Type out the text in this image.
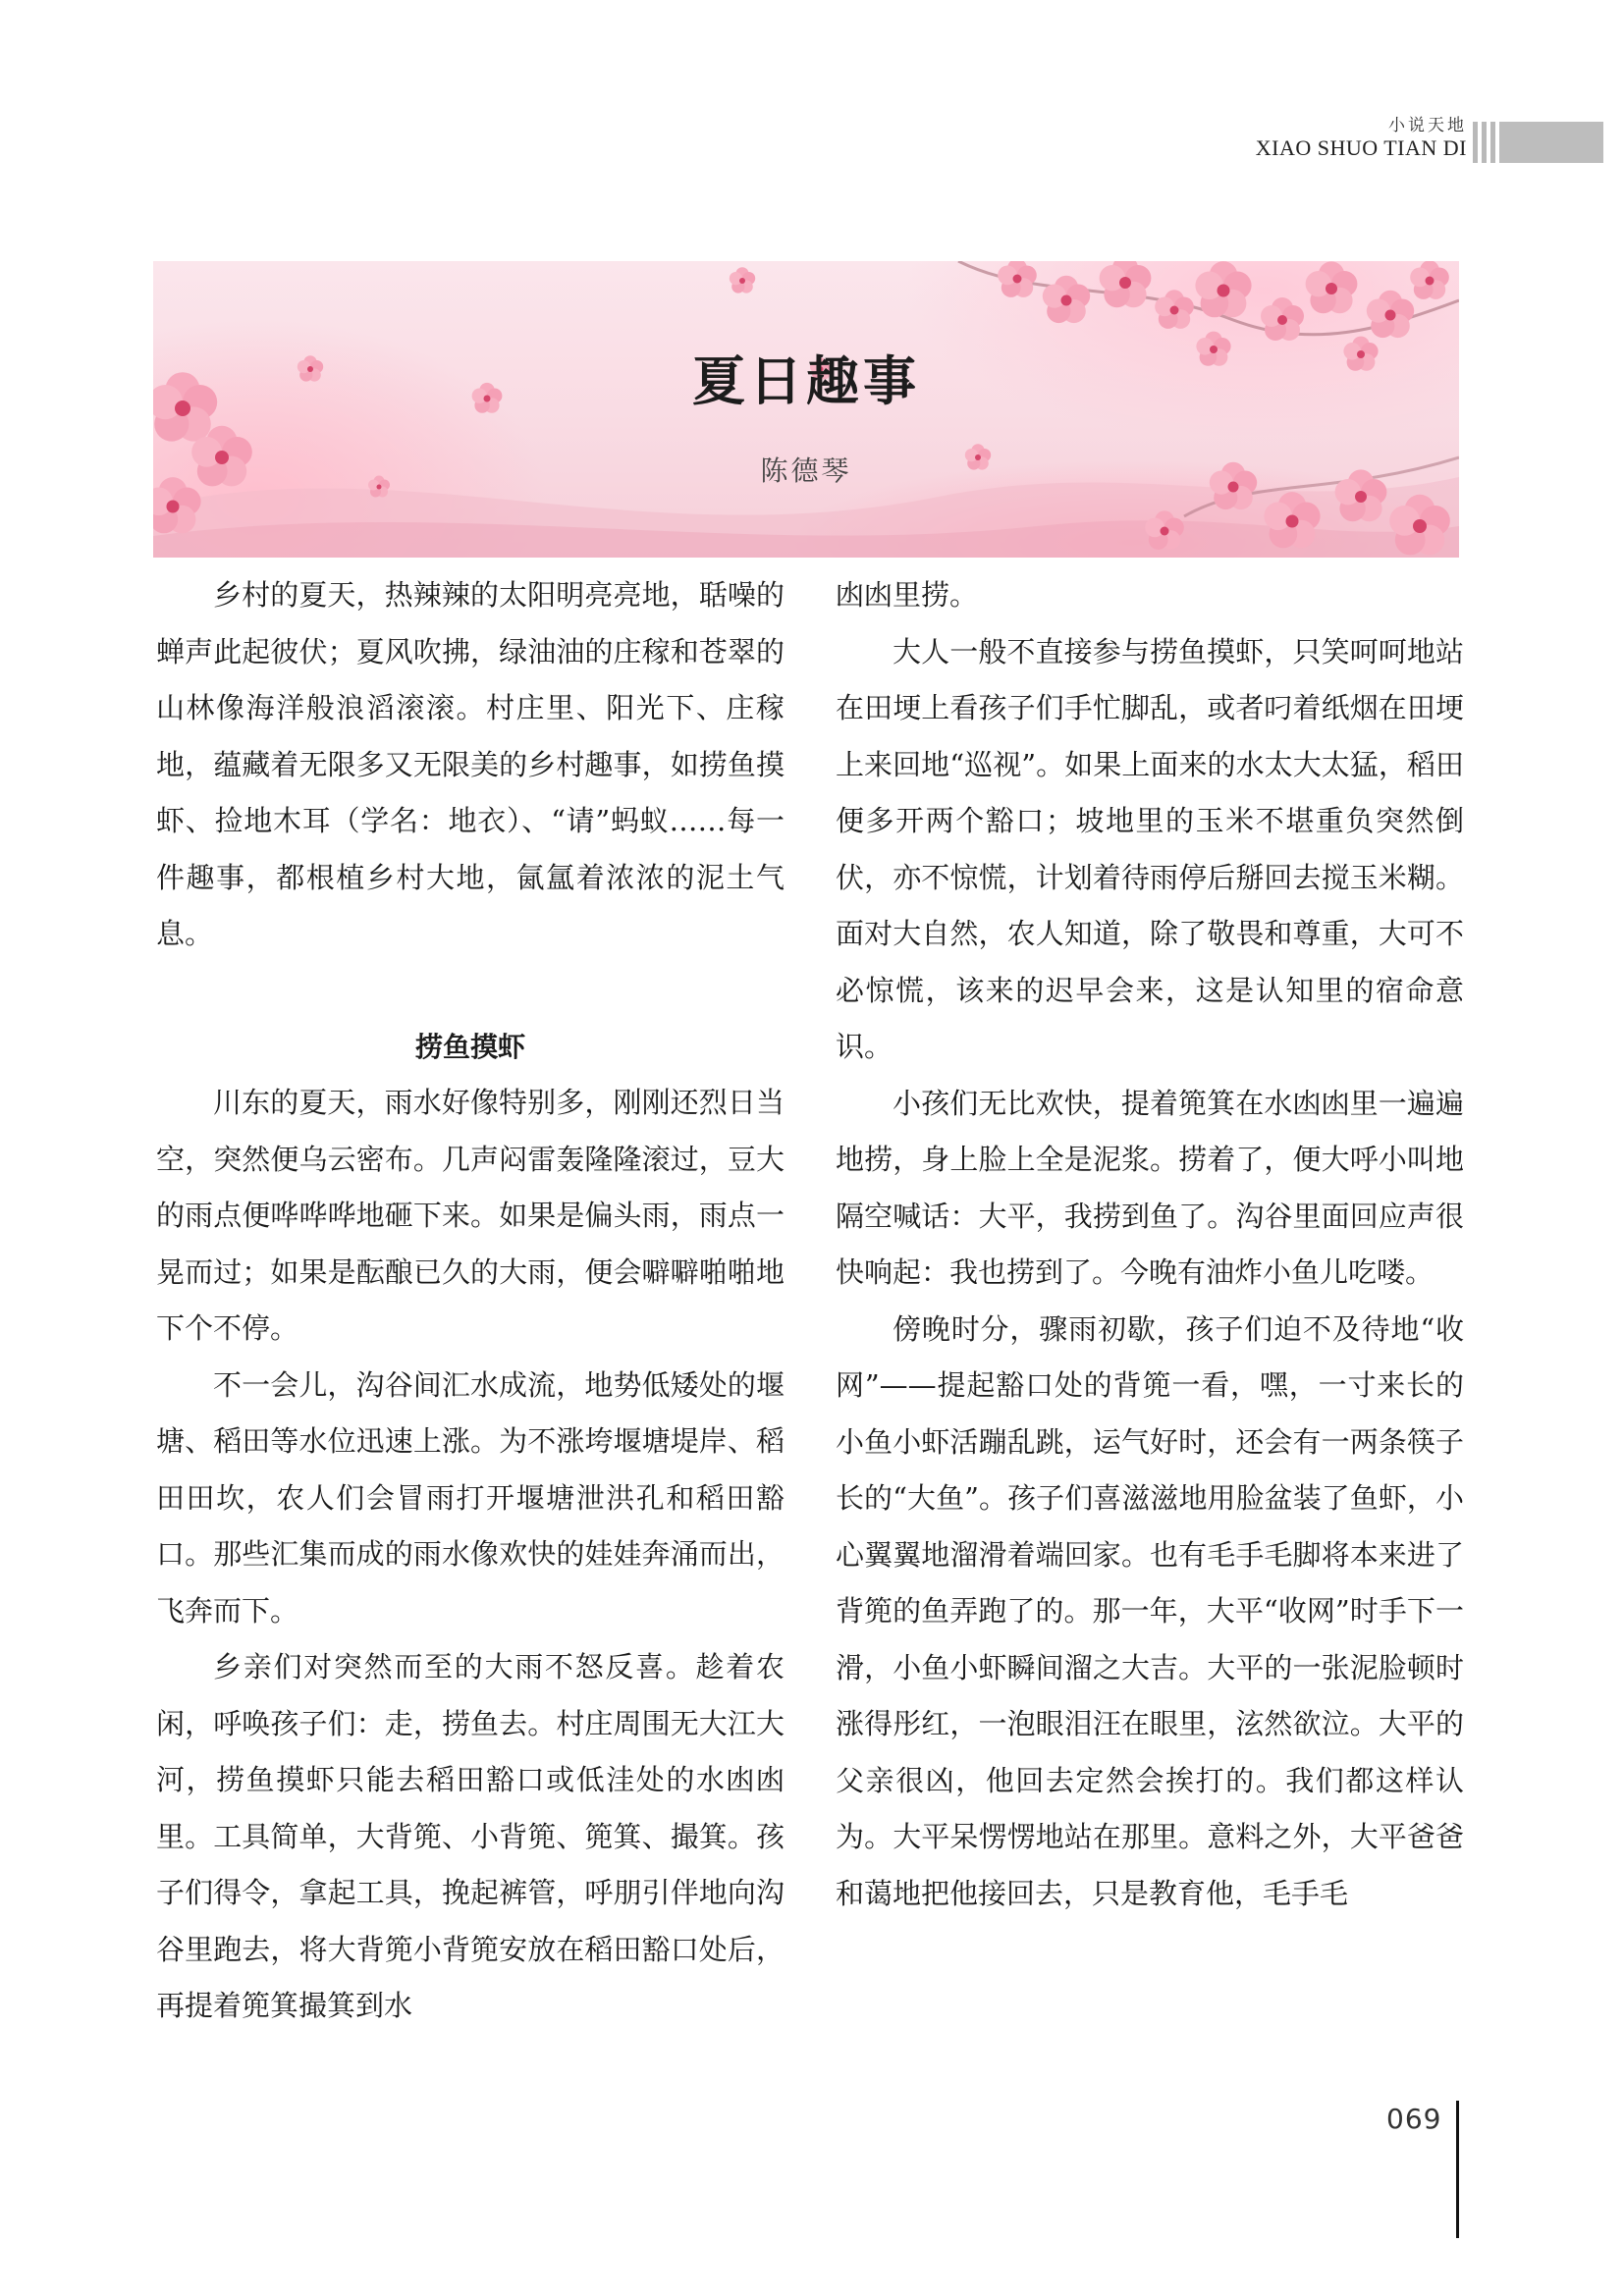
小说天地
XIAO SHUO TIAN DI
夏日趣事
陈德琴

乡村的夏天，热辣辣的太阳明亮亮地，聒噪的蝉声此起彼伏；夏风吹拂，绿油油的庄稼和苍翠的山林像海洋般浪滔滚滚。村庄里、阳光下、庄稼地，蕴藏着无限多又无限美的乡村趣事，如捞鱼摸虾、捡地木耳（学名：地衣）、“请”蚂蚁……每一件趣事，都根植乡村大地，氤氲着浓浓的泥土气息。

捞鱼摸虾

川东的夏天，雨水好像特别多，刚刚还烈日当空，突然便乌云密布。几声闷雷轰隆隆滚过，豆大的雨点便哗哗哗地砸下来。如果是偏头雨，雨点一晃而过；如果是酝酿已久的大雨，便会噼噼啪啪地下个不停。

不一会儿，沟谷间汇水成流，地势低矮处的堰塘、稻田等水位迅速上涨。为不涨垮堰塘堤岸、稻田田坎，农人们会冒雨打开堰塘泄洪孔和稻田豁口。那些汇集而成的雨水像欢快的娃娃奔涌而出，飞奔而下。

乡亲们对突然而至的大雨不怒反喜。趁着农闲，呼唤孩子们：走，捞鱼去。村庄周围无大江大河，捞鱼摸虾只能去稻田豁口或低洼处的水凼凼里。工具简单，大背篼、小背篼、篼箕、撮箕。孩子们得令，拿起工具，挽起裤管，呼朋引伴地向沟谷里跑去，将大背篼小背篼安放在稻田豁口处后，再提着篼箕撮箕到水

凼凼里捞。

大人一般不直接参与捞鱼摸虾，只笑呵呵地站在田埂上看孩子们手忙脚乱，或者叼着纸烟在田埂上来回地“巡视”。如果上面来的水太大太猛，稻田便多开两个豁口；坡地里的玉米不堪重负突然倒伏，亦不惊慌，计划着待雨停后掰回去搅玉米糊。面对大自然，农人知道，除了敬畏和尊重，大可不必惊慌，该来的迟早会来，这是认知里的宿命意识。

小孩们无比欢快，提着篼箕在水凼凼里一遍遍地捞，身上脸上全是泥浆。捞着了，便大呼小叫地隔空喊话：大平，我捞到鱼了。沟谷里面回应声很快响起：我也捞到了。今晚有油炸小鱼儿吃喽。

傍晚时分，骤雨初歇，孩子们迫不及待地“收网”——提起豁口处的背篼一看，嘿，一寸来长的小鱼小虾活蹦乱跳，运气好时，还会有一两条筷子长的“大鱼”。孩子们喜滋滋地用脸盆装了鱼虾，小心翼翼地溜滑着端回家。也有毛手毛脚将本来进了背篼的鱼弄跑了的。那一年，大平“收网”时手下一滑，小鱼小虾瞬间溜之大吉。大平的一张泥脸顿时涨得彤红，一泡眼泪汪在眼里，泫然欲泣。大平的父亲很凶，他回去定然会挨打的。我们都这样认为。大平呆愣愣地站在那里。意料之外，大平爸爸和蔼地把他接回去，只是教育他，毛手毛

069
